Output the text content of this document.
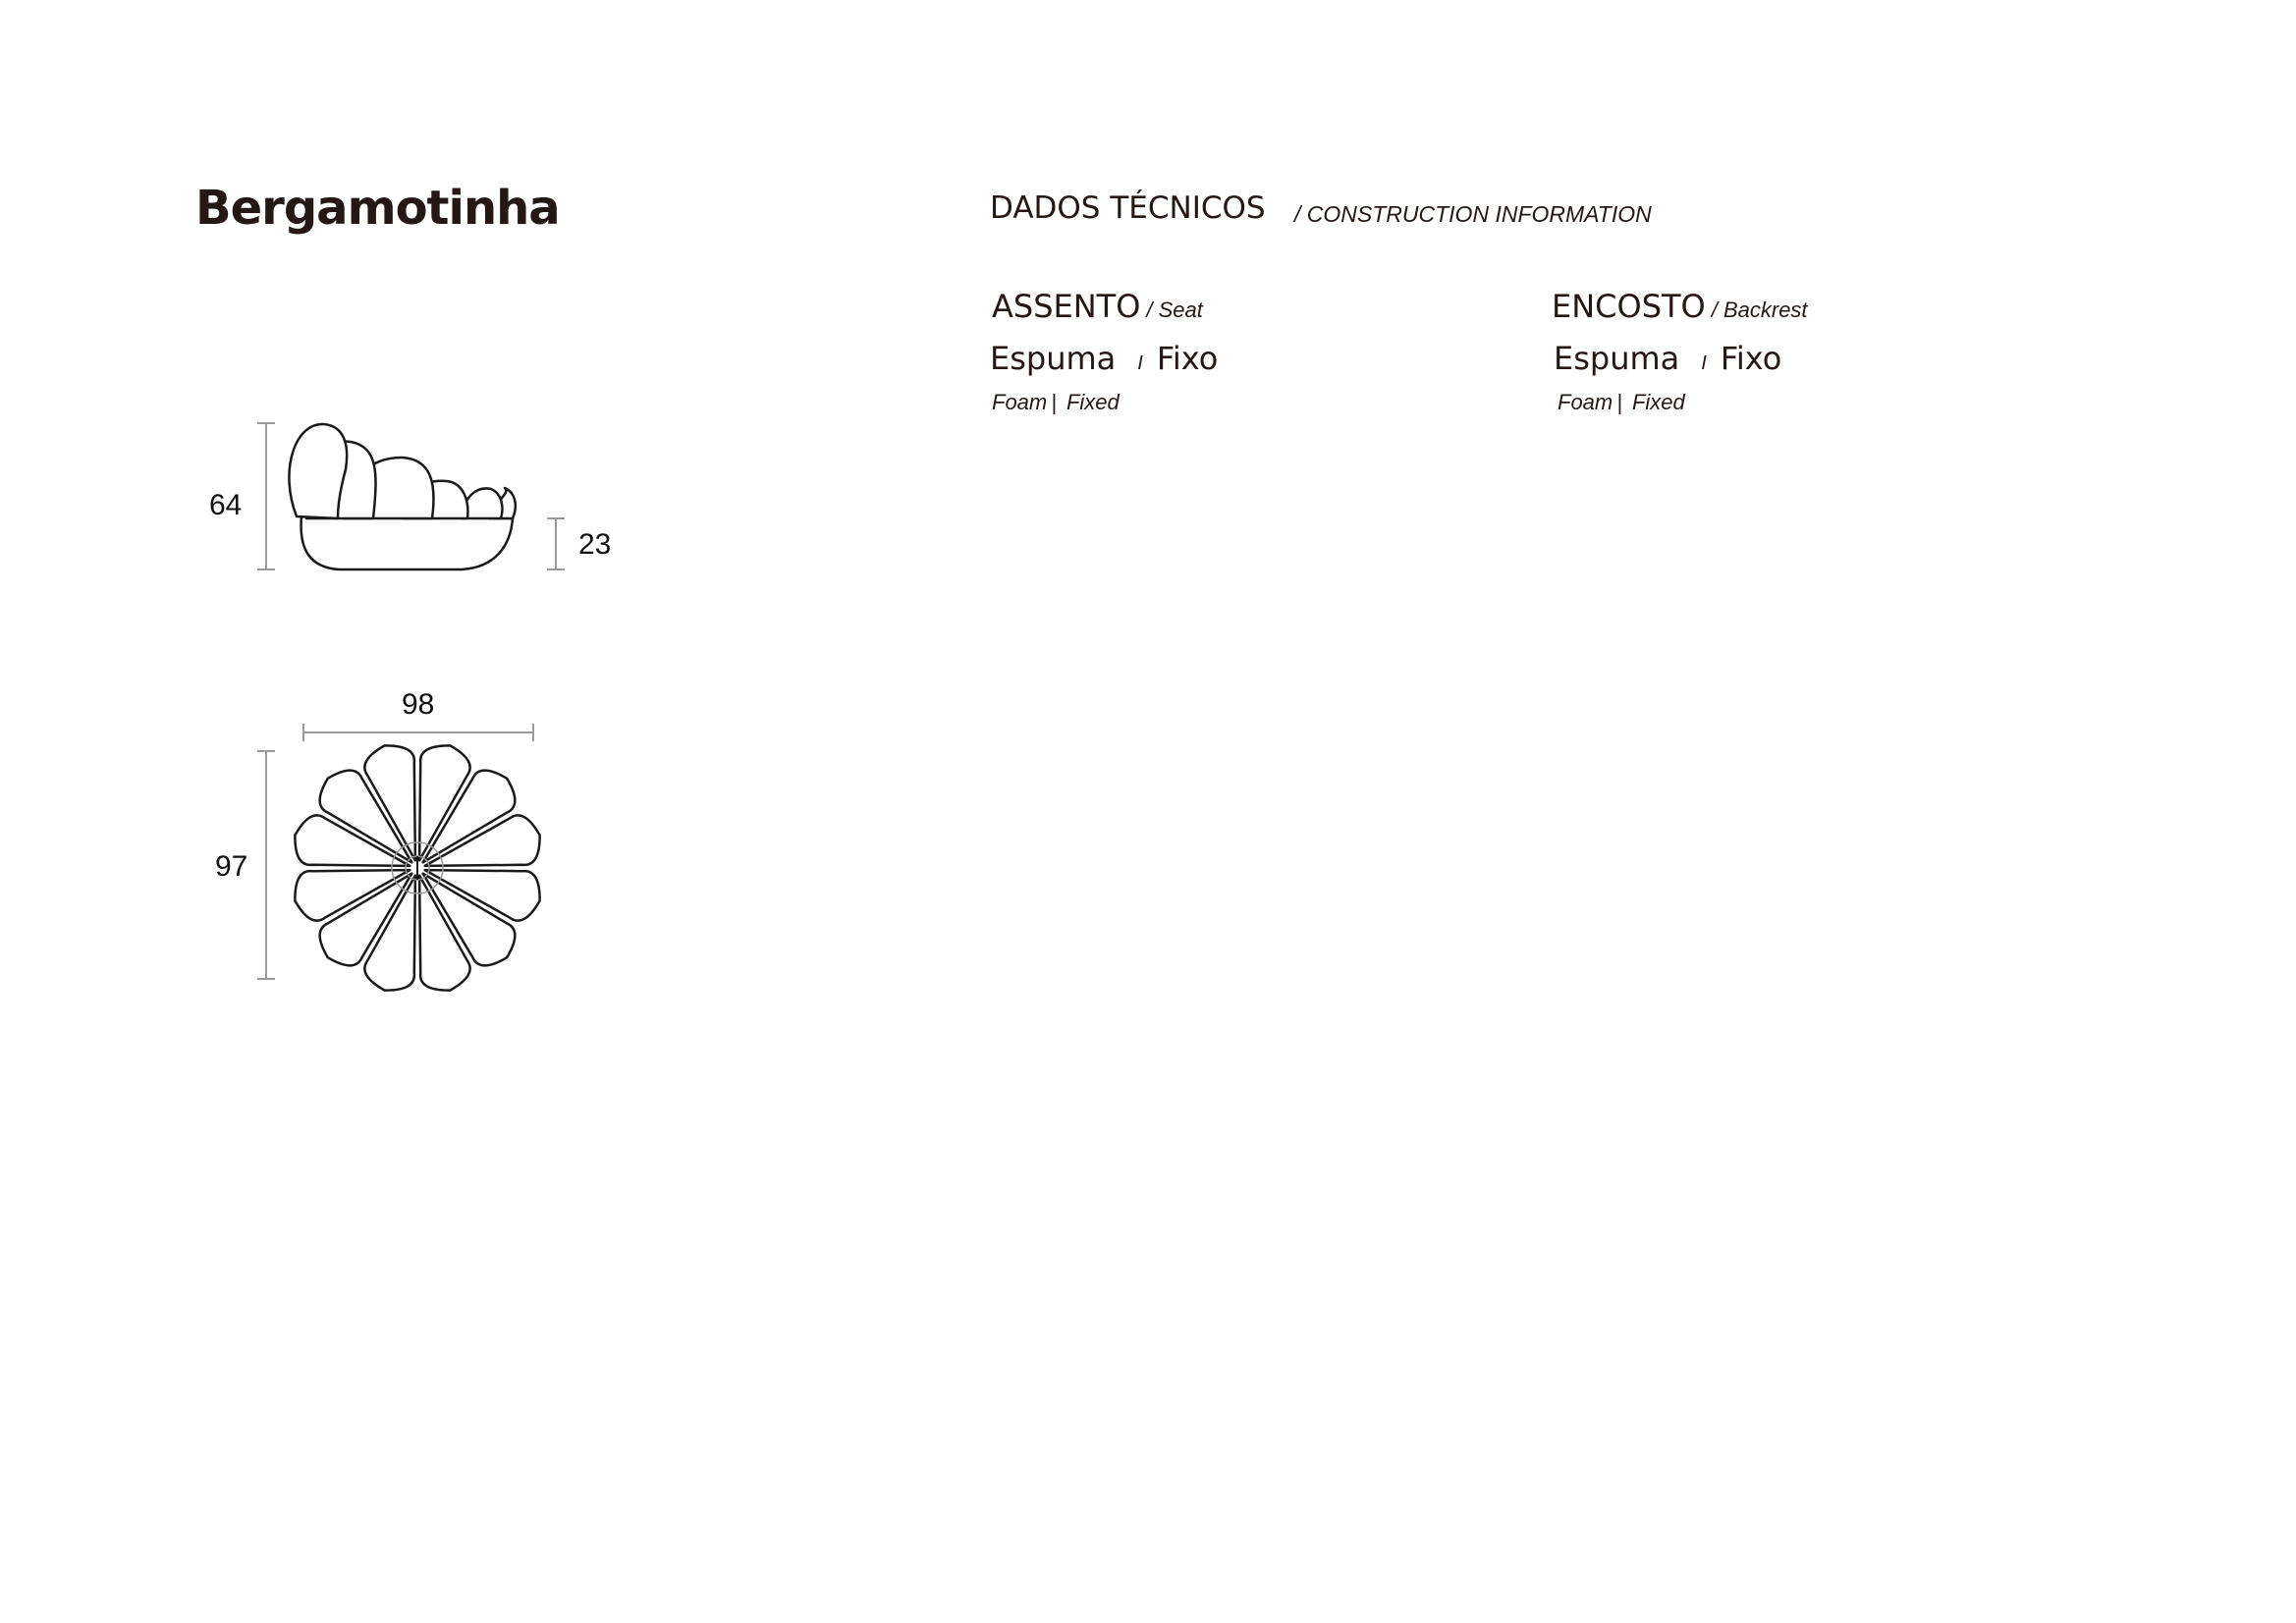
Bergamotinha	DADOS TÉCNICOS / CONSTRUCTION INFORMATION
ASSENTO / Seat
Espuma I Fixo
Foam | Fixed
ENCOSTO / Backrest
Espuma I Fixo
Foam | Fixed
64
23
98
97
